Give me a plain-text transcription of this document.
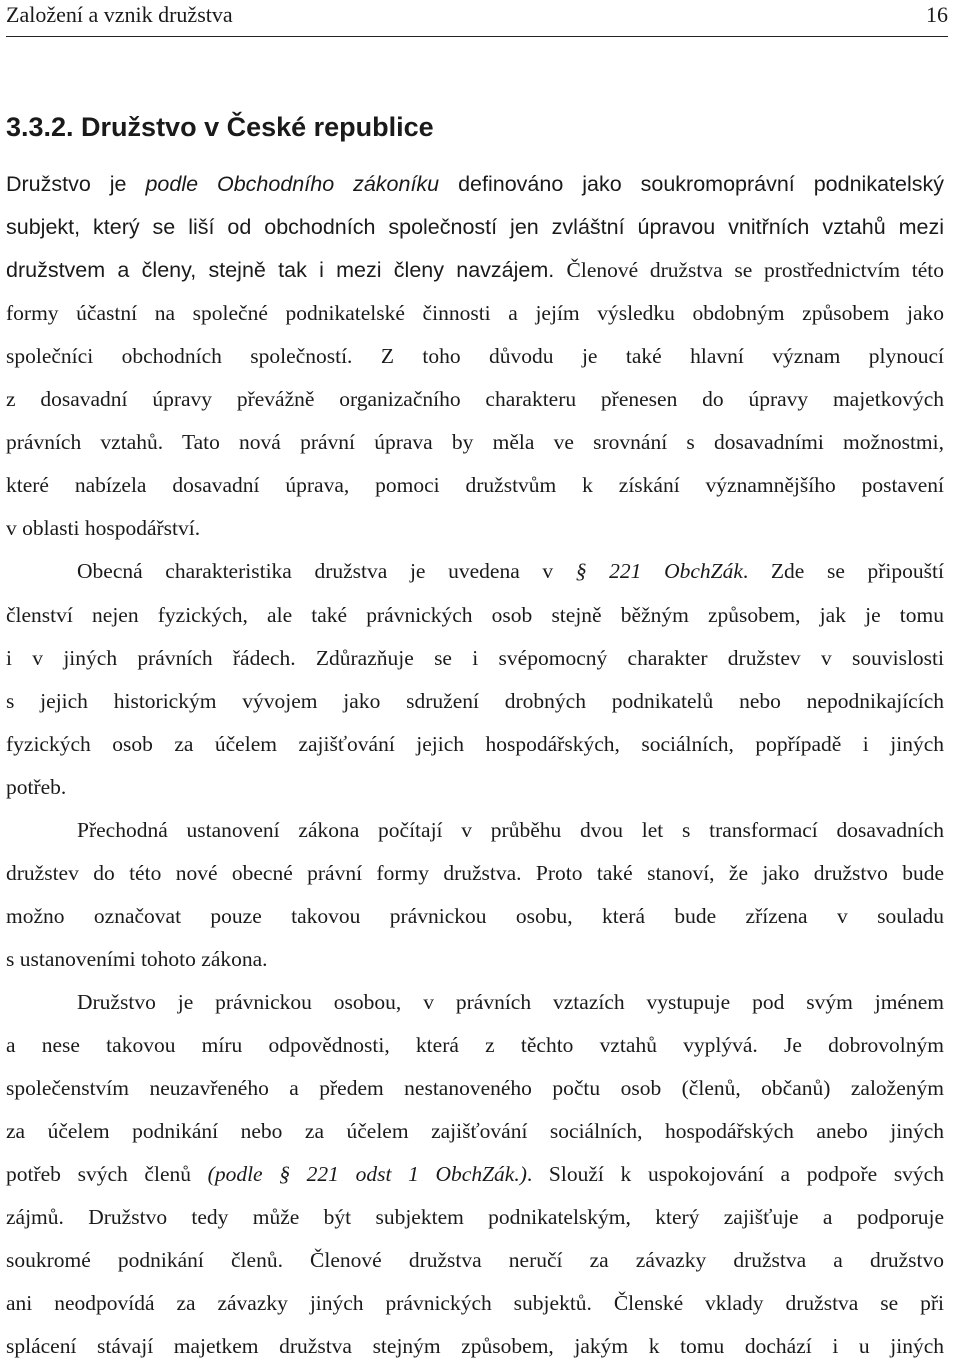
Založení a vznik družstva	16
3.3.2. Družstvo v České republice
Družstvo je podle Obchodního zákoníku definováno jako soukromoprávní podnikatelský
subjekt, který se liší od obchodních společností jen zvláštní úpravou vnitřních vztahů mezi
družstvem a členy, stejně tak i mezi členy navzájem. Členové družstva se prostřednictvím této
formy účastní na společné podnikatelské činnosti a jejím výsledku obdobným způsobem jako
společníci obchodních společností. Z toho důvodu je také hlavní význam plynoucí
z dosavadní úpravy převážně organizačního charakteru přenesen do úpravy majetkových
právních vztahů. Tato nová právní úprava by měla ve srovnání s dosavadními možnostmi,
které nabízela dosavadní úprava, pomoci družstvům k získání významnějšího postavení
v oblasti hospodářství.
Obecná charakteristika družstva je uvedena v § 221 ObchZák. Zde se připouští
členství nejen fyzických, ale také právnických osob stejně běžným způsobem, jak je tomu
i v jiných právních řádech. Zdůrazňuje se i svépomocný charakter družstev v souvislosti
s jejich historickým vývojem jako sdružení drobných podnikatelů nebo nepodnikajících
fyzických osob za účelem zajišťování jejich hospodářských, sociálních, popřípadě i jiných
potřeb.
Přechodná ustanovení zákona počítají v průběhu dvou let s transformací dosavadních
družstev do této nové obecné právní formy družstva. Proto také stanoví, že jako družstvo bude
možno označovat pouze takovou právnickou osobu, která bude zřízena v souladu
s ustanoveními tohoto zákona.
Družstvo je právnickou osobou, v právních vztazích vystupuje pod svým jménem
a nese takovou míru odpovědnosti, která z těchto vztahů vyplývá. Je dobrovolným
společenstvím neuzavřeného a předem nestanoveného počtu osob (členů, občanů) založeným
za účelem podnikání nebo za účelem zajišťování sociálních, hospodářských anebo jiných
potřeb svých členů (podle § 221 odst 1 ObchZák.). Slouží k uspokojování a podpoře svých
zájmů. Družstvo tedy může být subjektem podnikatelským, který zajišťuje a podporuje
soukromé podnikání členů. Členové družstva neručí za závazky družstva a družstvo
ani neodpovídá za závazky jiných právnických subjektů. Členské vklady družstva se při
splácení stávají majetkem družstva stejným způsobem, jakým k tomu dochází i u jiných
